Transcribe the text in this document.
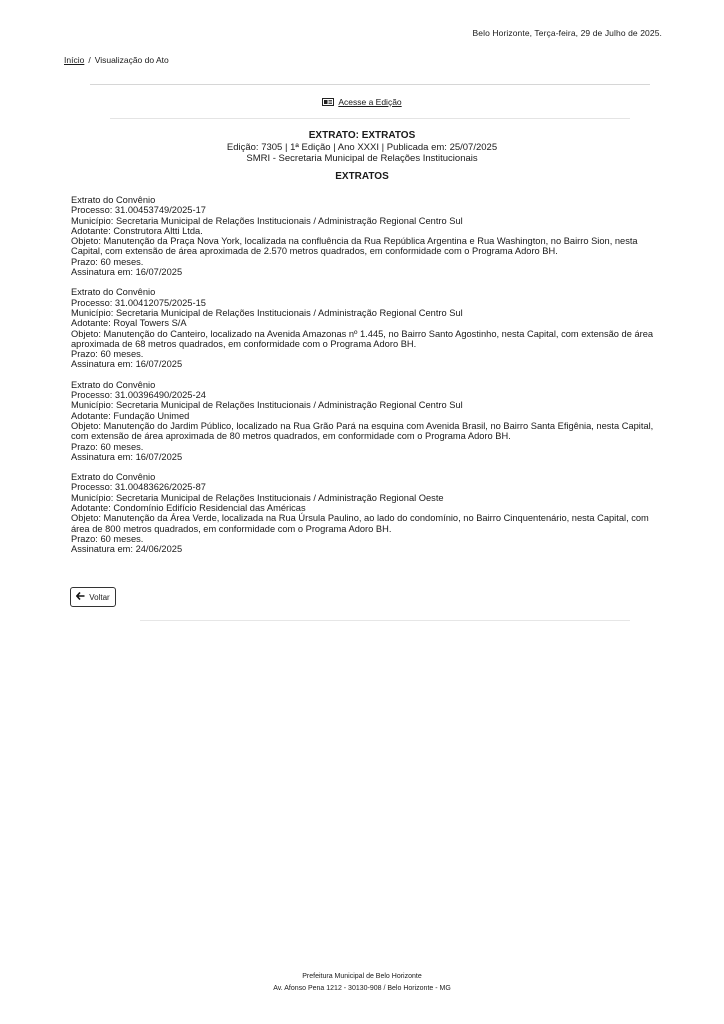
Belo Horizonte, Terça-feira, 29 de Julho de 2025.
Início / Visualização do Ato
Acesse a Edição
EXTRATO: EXTRATOS
Edição: 7305 | 1ª Edição | Ano XXXI | Publicada em: 25/07/2025
SMRI - Secretaria Municipal de Relações Institucionais
EXTRATOS
Extrato do Convênio
Processo: 31.00453749/2025-17
Município: Secretaria Municipal de Relações Institucionais / Administração Regional Centro Sul
Adotante: Construtora Altti Ltda.
Objeto: Manutenção da Praça Nova York, localizada na confluência da Rua República Argentina e Rua Washington, no Bairro Sion, nesta Capital, com extensão de área aproximada de 2.570 metros quadrados, em conformidade com o Programa Adoro BH.
Prazo: 60 meses.
Assinatura em: 16/07/2025
Extrato do Convênio
Processo: 31.00412075/2025-15
Município: Secretaria Municipal de Relações Institucionais / Administração Regional Centro Sul
Adotante: Royal Towers S/A
Objeto: Manutenção do Canteiro, localizado na Avenida Amazonas nº 1.445, no Bairro Santo Agostinho, nesta Capital, com extensão de área aproximada de 68 metros quadrados, em conformidade com o Programa Adoro BH.
Prazo: 60 meses.
Assinatura em: 16/07/2025
Extrato do Convênio
Processo: 31.00396490/2025-24
Município: Secretaria Municipal de Relações Institucionais / Administração Regional Centro Sul
Adotante: Fundação Unimed
Objeto: Manutenção do Jardim Público, localizado na Rua Grão Pará na esquina com Avenida Brasil, no Bairro Santa Efigênia, nesta Capital, com extensão de área aproximada de 80 metros quadrados, em conformidade com o Programa Adoro BH.
Prazo: 60 meses.
Assinatura em: 16/07/2025
Extrato do Convênio
Processo: 31.00483626/2025-87
Município: Secretaria Municipal de Relações Institucionais / Administração Regional Oeste
Adotante: Condomínio Edifício Residencial das Américas
Objeto: Manutenção da Área Verde, localizada na Rua Úrsula Paulino, ao lado do condomínio, no Bairro Cinquentenário, nesta Capital, com área de 800 metros quadrados, em conformidade com o Programa Adoro BH.
Prazo: 60 meses.
Assinatura em: 24/06/2025
Voltar
Prefeitura Municipal de Belo Horizonte
Av. Afonso Pena 1212 - 30130-908 / Belo Horizonte - MG
